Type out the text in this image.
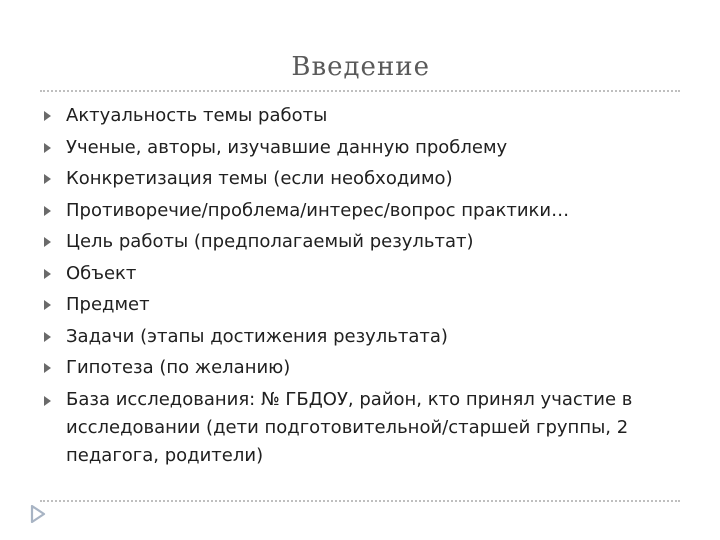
Введение
Актуальность темы работы
Ученые, авторы, изучавшие данную проблему
Конкретизация темы (если необходимо)
Противоречие/проблема/интерес/вопрос практики…
Цель работы (предполагаемый результат)
Объект
Предмет
Задачи (этапы достижения результата)
Гипотеза (по желанию)
База исследования: № ГБДОУ, район, кто принял участие в исследовании (дети подготовительной/старшей группы, 2 педагога, родители)
